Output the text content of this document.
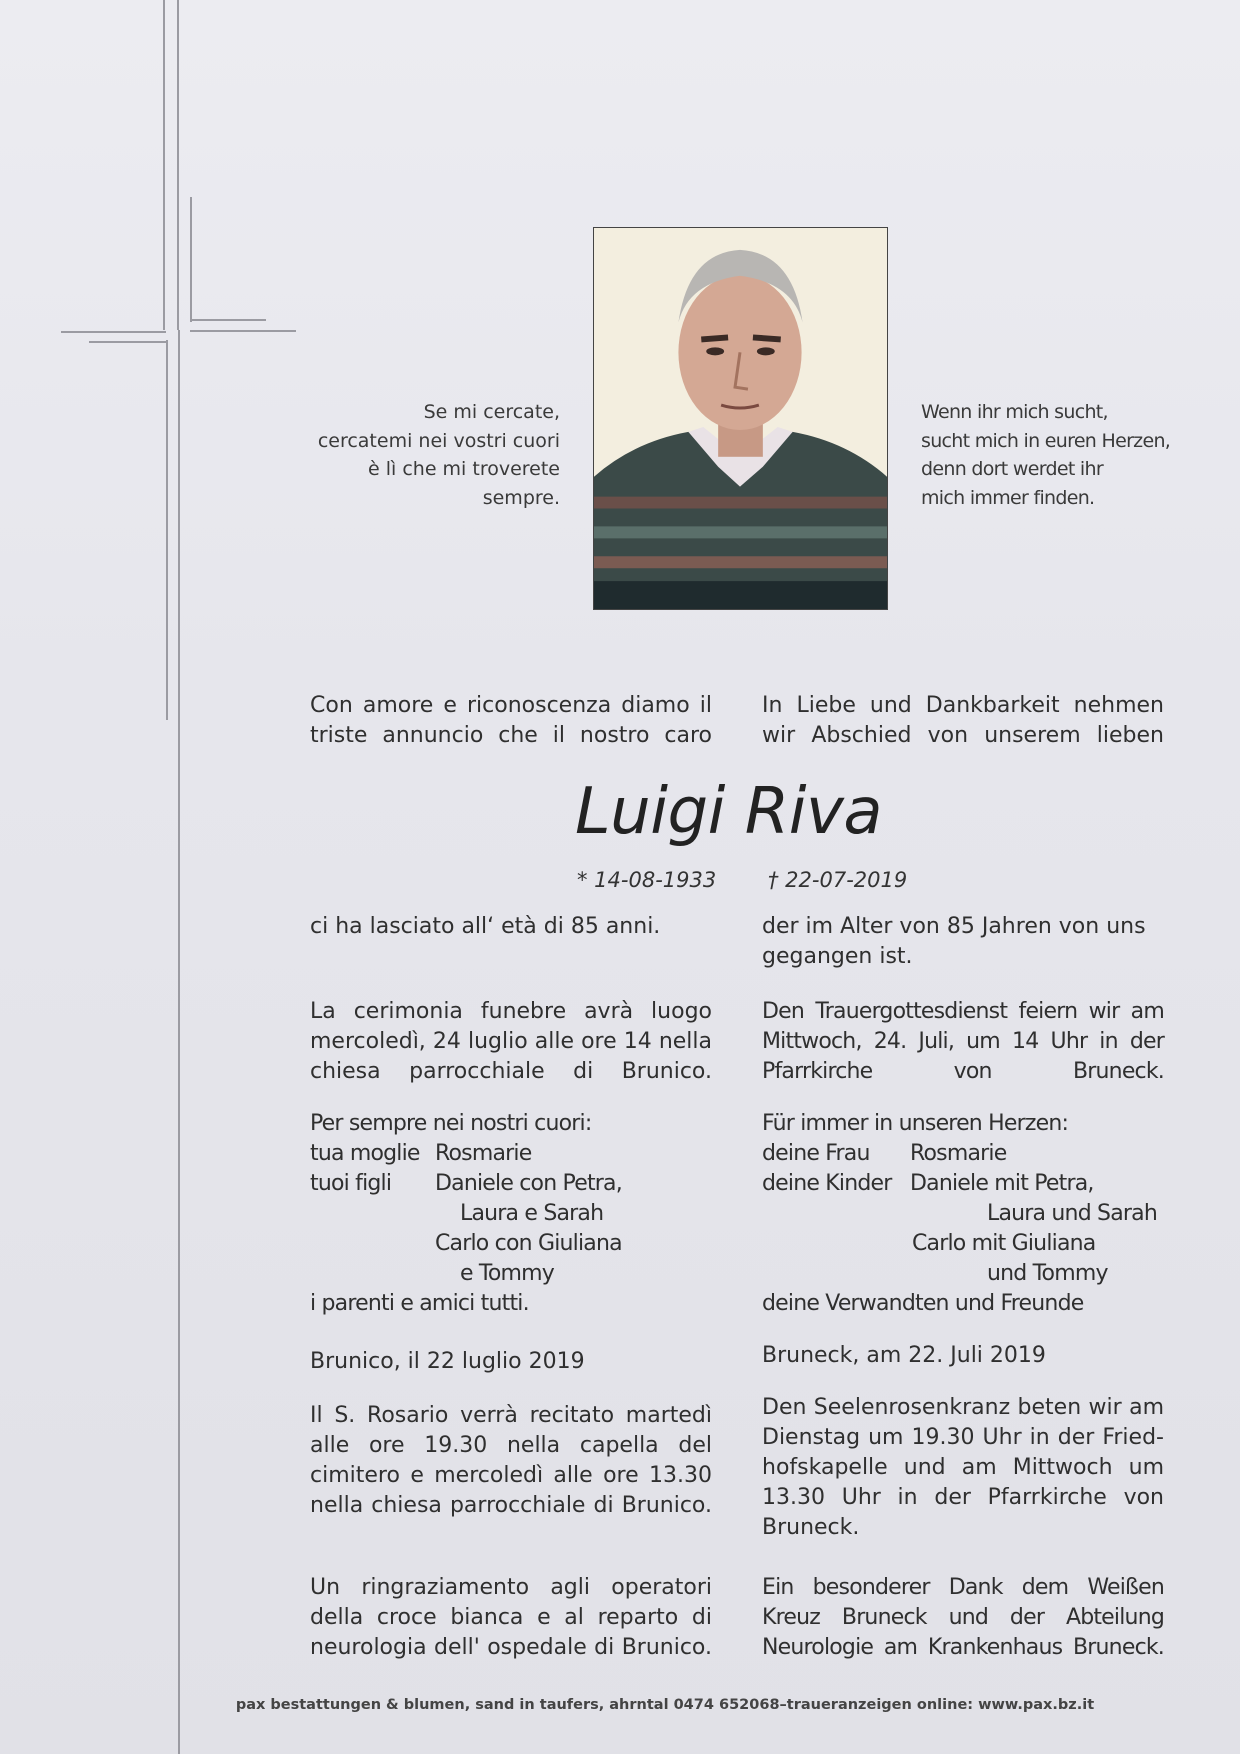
Se mi cercate,
cercatemi nei vostri cuori
è lì che mi troverete
sempre.
Wenn ihr mich sucht,
sucht mich in euren Herzen,
denn dort werdet ihr
mich immer finden.
Luigi Riva
* 14-08-1933 † 22-07-2019
Con amore e riconoscenza diamo il triste annuncio che il nostro caro
ci ha lasciato all‘ età di 85 anni.
La cerimonia funebre avrà luogo mercoledì, 24 luglio alle ore 14 nella chiesa parrocchiale di Brunico.
Per sempre nei nostri cuori:
tua moglie Rosmarie
tuoi figli Daniele con Petra,
Laura e Sarah
Carlo con Giuliana
e Tommy
i parenti e amici tutti.
Brunico, il 22 luglio 2019
Il S. Rosario verrà recitato martedì alle ore 19.30 nella capella del cimitero e mercoledì alle ore 13.30 nella chiesa parrocchiale di Brunico.
Un ringraziamento agli operatori della croce bianca e al reparto di neurologia dell' ospedale di Brunico.
In Liebe und Dankbarkeit nehmen wir Abschied von unserem lieben
der im Alter von 85 Jahren von uns gegangen ist.
Den Trauergottesdienst feiern wir am Mittwoch, 24. Juli, um 14 Uhr in der Pfarrkirche von Bruneck.
Für immer in unseren Herzen:
deine Frau Rosmarie
deine Kinder Daniele mit Petra,
Laura und Sarah
Carlo mit Giuliana
und Tommy
deine Verwandten und Freunde
Bruneck, am 22. Juli 2019
Den Seelenrosenkranz beten wir am Dienstag um 19.30 Uhr in der Fried- hofskapelle und am Mittwoch um 13.30 Uhr in der Pfarrkirche von Bruneck.
Ein besonderer Dank dem Weißen Kreuz Bruneck und der Abteilung Neurologie am Krankenhaus Bruneck.
pax bestattungen & blumen, sand in taufers, ahrntal 0474 652068–traueranzeigen online: www.pax.bz.it
